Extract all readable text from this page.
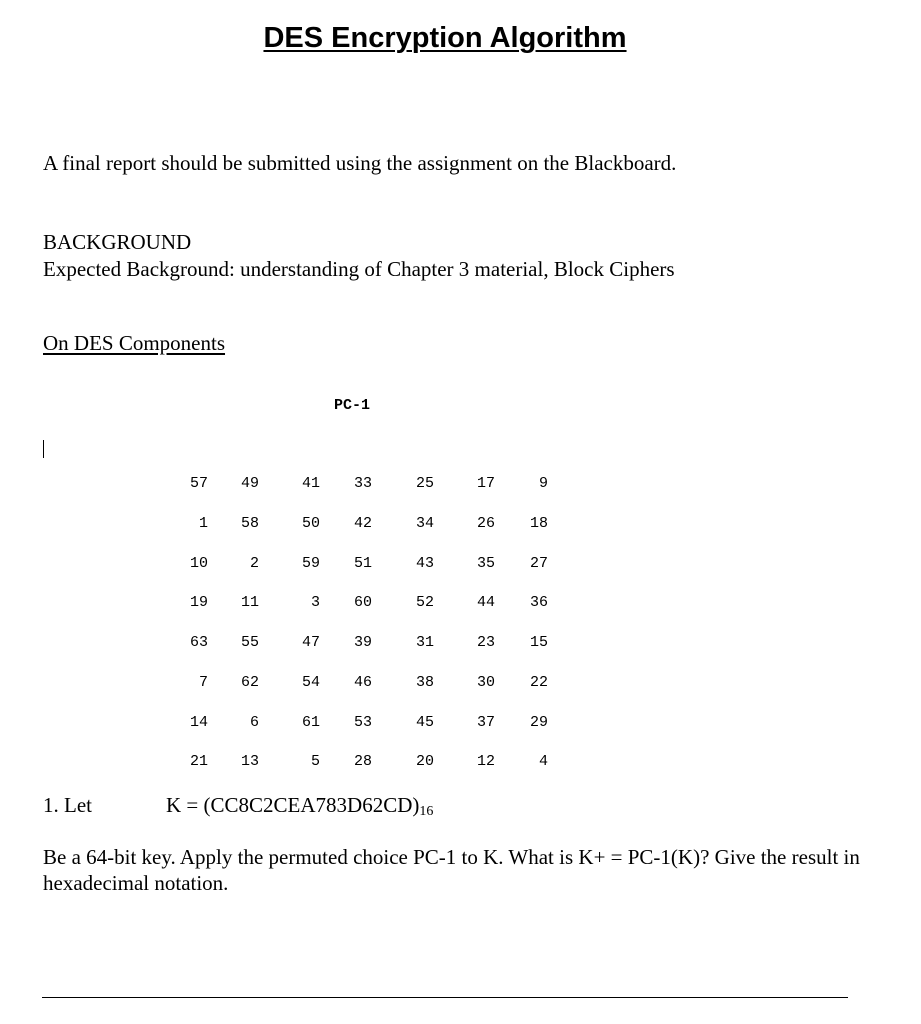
DES Encryption Algorithm
A final report should be submitted using the assignment on the Blackboard.
BACKGROUND
Expected Background: understanding of Chapter 3 material, Block Ciphers
On DES Components
PC-1
57	49	41	33	25	17	9
1	58	50	42	34	26	18
10	2	59	51	43	35	27
19	11	3	60	52	44	36
63	55	47	39	31	23	15
7	62	54	46	38	30	22
14	6	61	53	45	37	29
21	13	5	28	20	12	4
1. Let	$K = (CC8C2CEA783D62CD)_{16}$
Be a 64-bit key. Apply the permuted choice PC-1 to K. What is K+ = PC-1(K)? Give the result in hexadecimal notation.
